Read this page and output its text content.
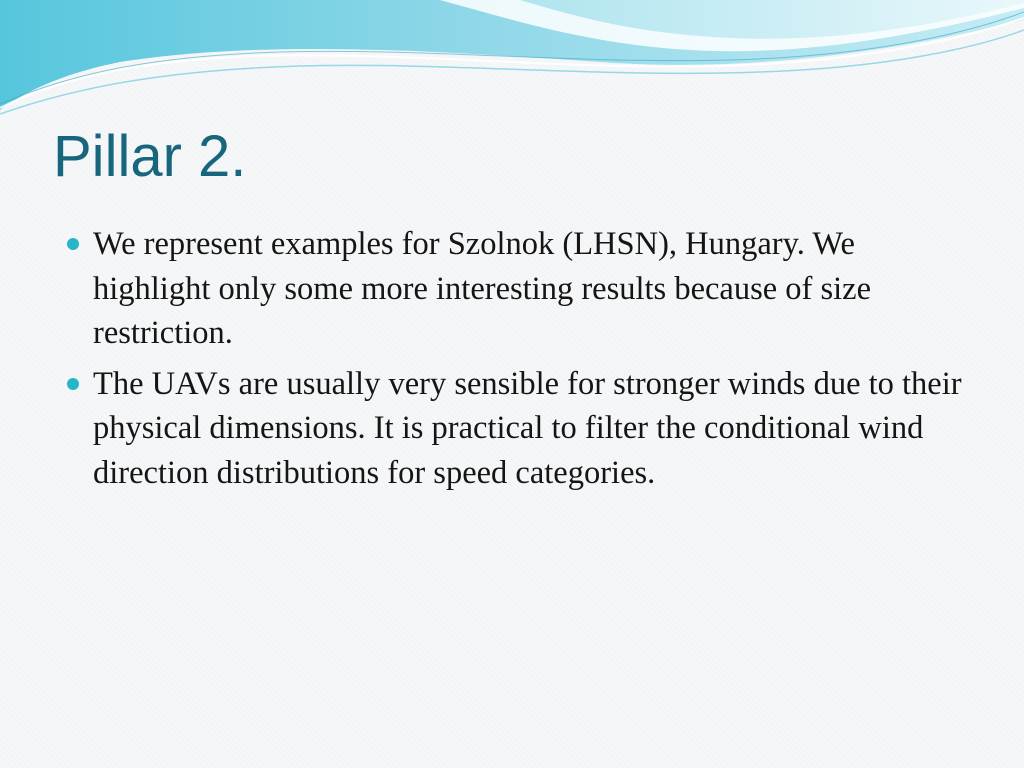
Pillar 2.
We represent examples for Szolnok (LHSN), Hungary. We highlight only some more interesting results because of size restriction.
The UAVs are usually very sensible for stronger winds due to their physical dimensions. It is practical to filter the conditional wind direction distributions for speed categories.
